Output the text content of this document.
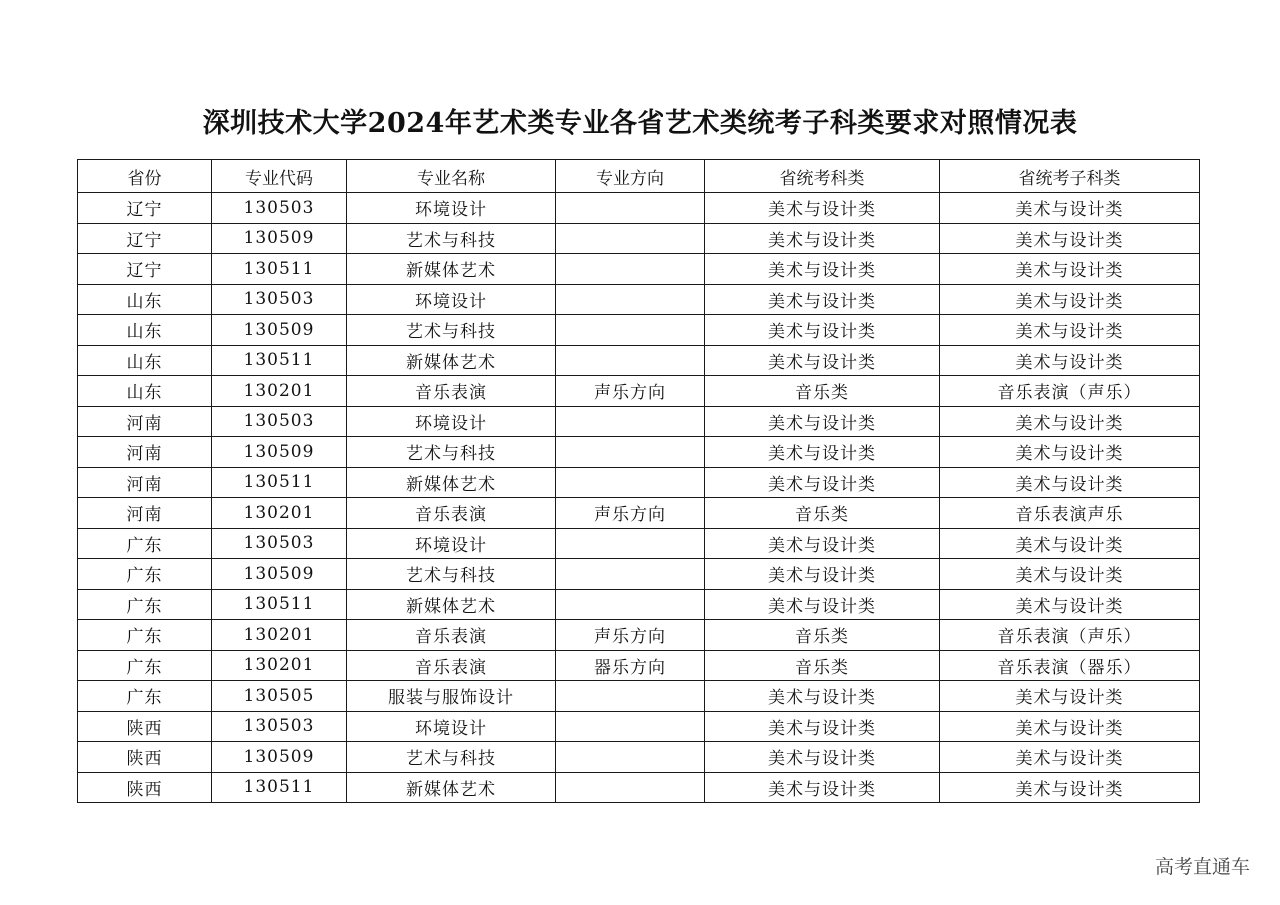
深圳技术大学2024年艺术类专业各省艺术类统考子科类要求对照情况表
省份	专业代码	专业名称	专业方向	省统考科类	省统考子科类
辽宁	130503	环境设计		美术与设计类	美术与设计类
辽宁	130509	艺术与科技		美术与设计类	美术与设计类
辽宁	130511	新媒体艺术		美术与设计类	美术与设计类
山东	130503	环境设计		美术与设计类	美术与设计类
山东	130509	艺术与科技		美术与设计类	美术与设计类
山东	130511	新媒体艺术		美术与设计类	美术与设计类
山东	130201	音乐表演	声乐方向	音乐类	音乐表演（声乐）
河南	130503	环境设计		美术与设计类	美术与设计类
河南	130509	艺术与科技		美术与设计类	美术与设计类
河南	130511	新媒体艺术		美术与设计类	美术与设计类
河南	130201	音乐表演	声乐方向	音乐类	音乐表演声乐
广东	130503	环境设计		美术与设计类	美术与设计类
广东	130509	艺术与科技		美术与设计类	美术与设计类
广东	130511	新媒体艺术		美术与设计类	美术与设计类
广东	130201	音乐表演	声乐方向	音乐类	音乐表演（声乐）
广东	130201	音乐表演	器乐方向	音乐类	音乐表演（器乐）
广东	130505	服装与服饰设计		美术与设计类	美术与设计类
陕西	130503	环境设计		美术与设计类	美术与设计类
陕西	130509	艺术与科技		美术与设计类	美术与设计类
陕西	130511	新媒体艺术		美术与设计类	美术与设计类
高考直通车
